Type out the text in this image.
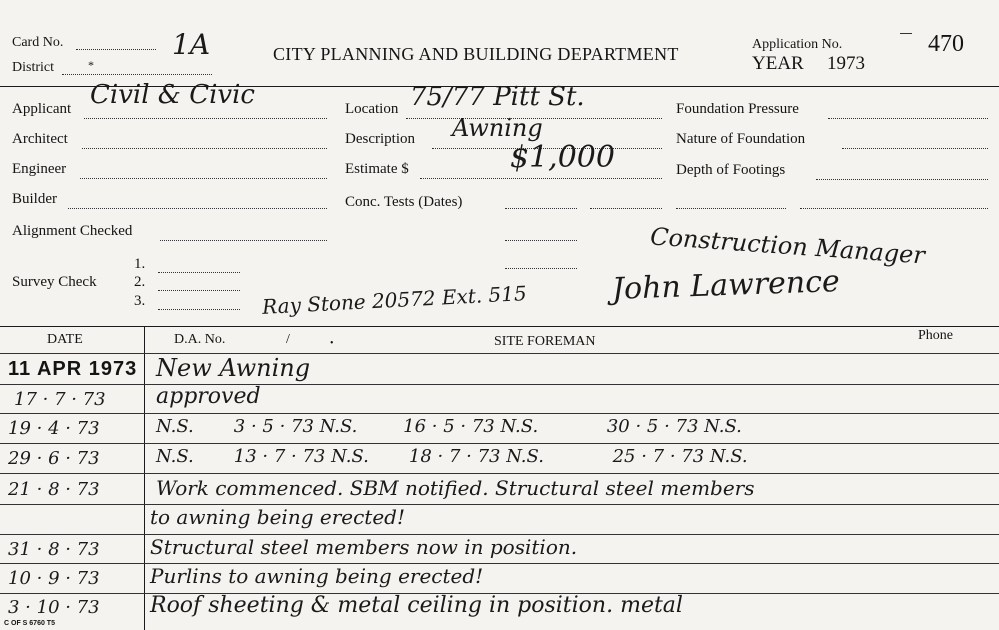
Card No.	1A
District	*
CITY PLANNING AND BUILDING DEPARTMENT	Application No.
YEAR 1973
470
Applicant Civil & Civic
Architect
Engineer
Builder
Alignment Checked
1.
Survey Check 2.
3.	Ray Stone 20572 Ext. 515
Location 75/77 Pitt St.
Description Awning
Estimate $	$1,000
Conc. Tests (Dates)
Foundation Pressure
Nature of Foundation
Depth of Footings
Construction Manager
John Lawrence
DATE	D.A. No.	/	•	SITE FOREMAN	Phone
11 APR 1973 New Awning
17 · 7 · 73 approved
19 · 4 · 73	N.S.       3 · 5 · 73 N.S.        16 · 5 · 73 N.S.            30 · 5 · 73 N.S.
29 · 6 · 73	N.S.       13 · 7 · 73 N.S.       18 · 7 · 73 N.S.            25 · 7 · 73 N.S.
21 · 8 · 73	Work commenced. SBM notified. Structural steel members
to awning being erected!
31 · 8 · 73	Structural steel members now in position.
10 · 9 · 73	Purlins to awning being erected!
3 · 10 · 73 Roof sheeting & metal ceiling in position. metal
C OF S 6760 T5
